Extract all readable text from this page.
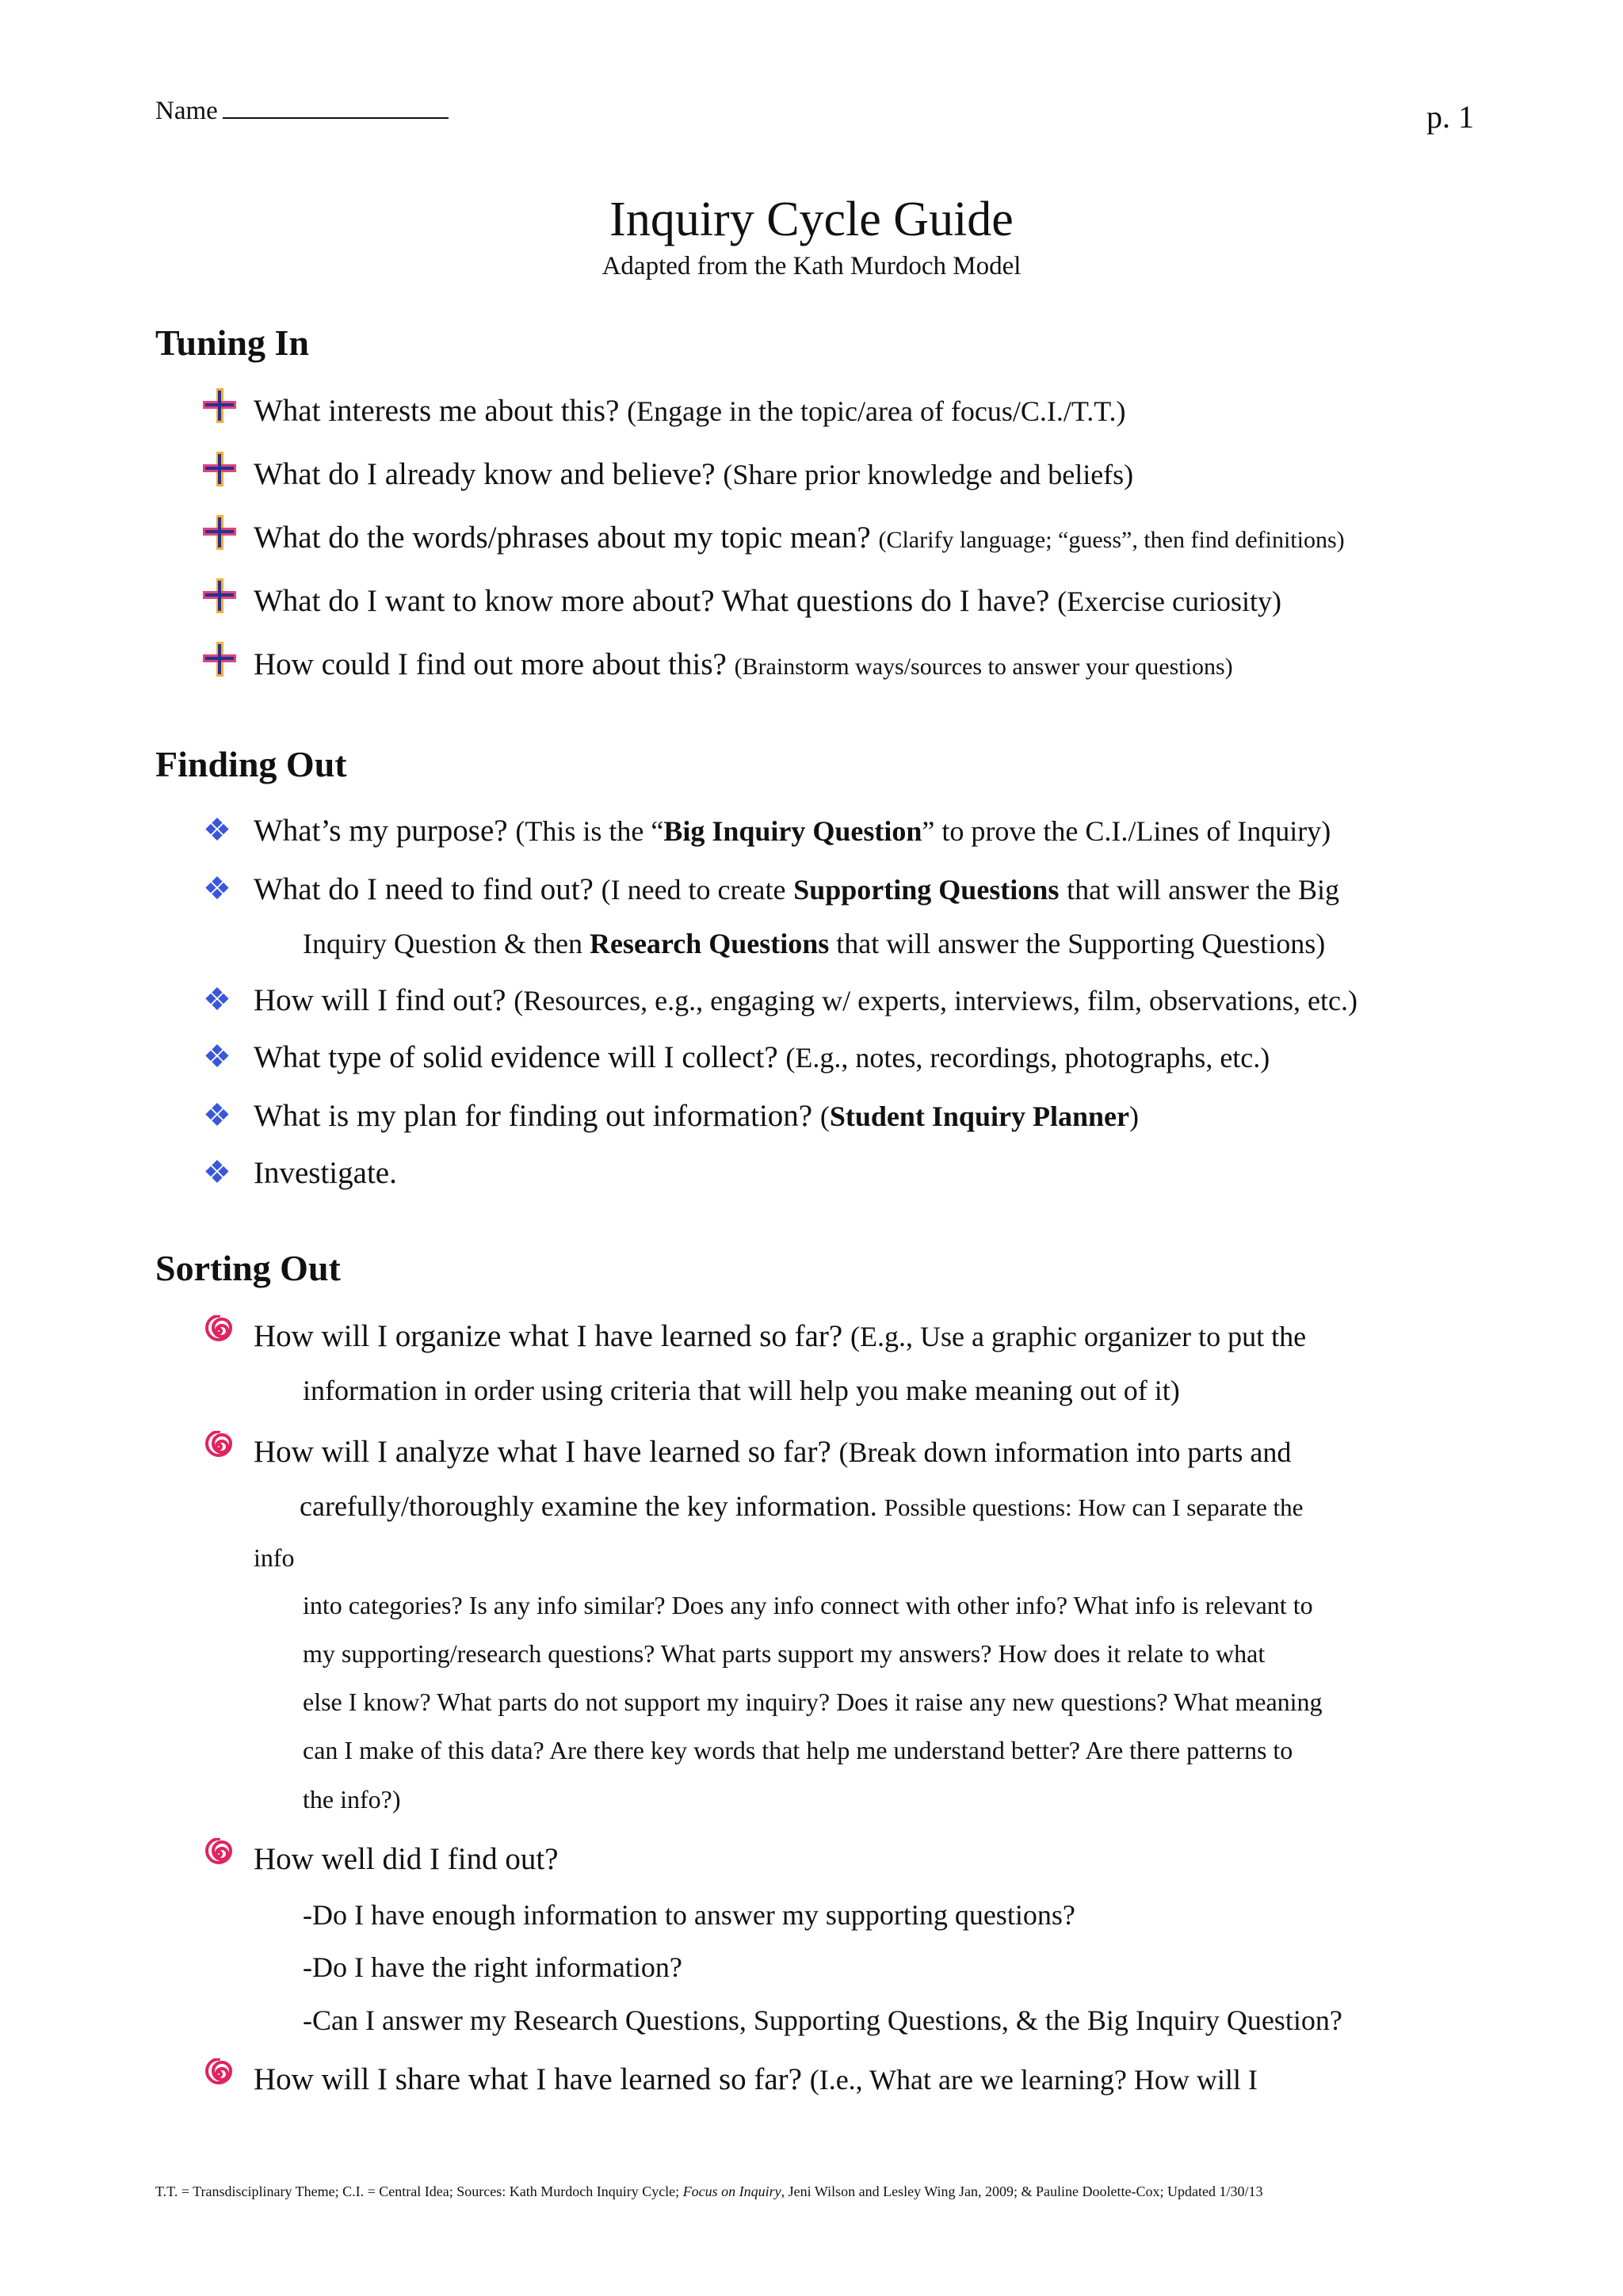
Name	p. 1
Inquiry Cycle Guide
Adapted from the Kath Murdoch Model
Tuning In
What interests me about this? (Engage in the topic/area of focus/C.I./T.T.)
What do I already know and believe? (Share prior knowledge and beliefs)
What do the words/phrases about my topic mean? (Clarify language; “guess”, then find definitions)
What do I want to know more about? What questions do I have? (Exercise curiosity)
How could I find out more about this? (Brainstorm ways/sources to answer your questions)
Finding Out
❖ What’s my purpose? (This is the “Big Inquiry Question” to prove the C.I./Lines of Inquiry)
❖ What do I need to find out? (I need to create Supporting Questions that will answer the Big
Inquiry Question & then Research Questions that will answer the Supporting Questions)
❖ How will I find out? (Resources, e.g., engaging w/ experts, interviews, film, observations, etc.)
❖ What type of solid evidence will I collect? (E.g., notes, recordings, photographs, etc.)
❖ What is my plan for finding out information? (Student Inquiry Planner)
❖ Investigate.
Sorting Out
How will I organize what I have learned so far? (E.g., Use a graphic organizer to put the
information in order using criteria that will help you make meaning out of it)
How will I analyze what I have learned so far? (Break down information into parts and
carefully/thoroughly examine the key information. Possible questions: How can I separate the
info
into categories? Is any info similar? Does any info connect with other info? What info is relevant to
my supporting/research questions? What parts support my answers? How does it relate to what
else I know? What parts do not support my inquiry? Does it raise any new questions? What meaning
can I make of this data? Are there key words that help me understand better? Are there patterns to
the info?)
How well did I find out?
-Do I have enough information to answer my supporting questions?
-Do I have the right information?
-Can I answer my Research Questions, Supporting Questions, & the Big Inquiry Question?
How will I share what I have learned so far? (I.e., What are we learning? How will I
T.T. = Transdisciplinary Theme; C.I. = Central Idea; Sources: Kath Murdoch Inquiry Cycle; Focus on Inquiry, Jeni Wilson and Lesley Wing Jan, 2009; & Pauline Doolette-Cox; Updated 1/30/13
